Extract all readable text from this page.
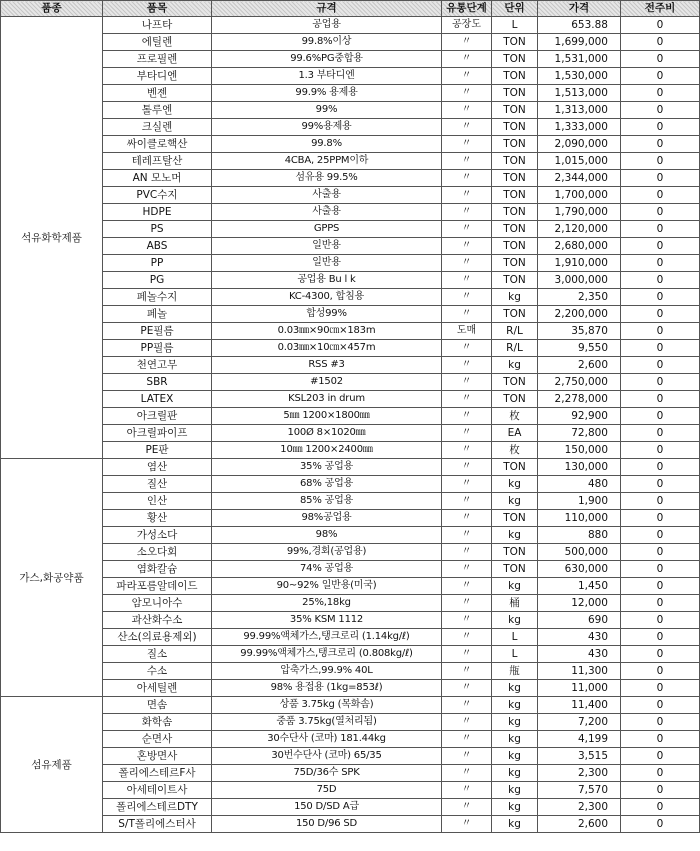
품종	품목	규격	유통단계	단위	가격	전주비
석유화학제품	나프타	공업용	공장도	L	653.88	0
	에틸렌	99.8%이상	〃	TON	1,699,000	0
	프로필렌	99.6%PG중합용	〃	TON	1,531,000	0
	부타디엔	1.3 부타디엔	〃	TON	1,530,000	0
	벤젠	99.9% 용제용	〃	TON	1,513,000	0
	톨루엔	99%	〃	TON	1,313,000	0
	크실렌	99%용제용	〃	TON	1,333,000	0
	싸이클로핵산	99.8%	〃	TON	2,090,000	0
	테레프탈산	4CBA, 25PPM이하	〃	TON	1,015,000	0
	AN 모노머	섬유용 99.5%	〃	TON	2,344,000	0
	PVC수지	사출용	〃	TON	1,700,000	0
	HDPE	사출용	〃	TON	1,790,000	0
	PS	GPPS	〃	TON	2,120,000	0
	ABS	일반용	〃	TON	2,680,000	0
	PP	일반용	〃	TON	1,910,000	0
	PG	공업용 Bu l k	〃	TON	3,000,000	0
	페놀수지	KC-4300, 합침용	〃	kg	2,350	0
	페놀	합성99%	〃	TON	2,200,000	0
	PE필름	0.03㎜×90㎝×183m	도매	R/L	35,870	0
	PP필름	0.03㎜×10㎝×457m	〃	R/L	9,550	0
	천연고무	RSS #3	〃	kg	2,600	0
	SBR	#1502	〃	TON	2,750,000	0
	LATEX	KSL203 in drum	〃	TON	2,278,000	0
	아크릴판	5㎜ 1200×1800㎜	〃	枚	92,900	0
	아크릴파이프	100Ø 8×1020㎜	〃	EA	72,800	0
	PE판	10㎜ 1200×2400㎜	〃	枚	150,000	0
가스,화공약품	염산	35% 공업용	〃	TON	130,000	0
	질산	68% 공업용	〃	kg	480	0
	인산	85% 공업용	〃	kg	1,900	0
	황산	98%공업용	〃	TON	110,000	0
	가성소다	98%	〃	kg	880	0
	소오다회	99%,경회(공업용)	〃	TON	500,000	0
	염화칼슘	74% 공업용	〃	TON	630,000	0
	파라포름알데이드	90~92% 일반용(미국)	〃	kg	1,450	0
	암모니아수	25%,18kg	〃	桶	12,000	0
	과산화수소	35% KSM 1112	〃	kg	690	0
	산소(의료용제외)	99.99%액체가스,탱크로리 (1.14kg/ℓ)	〃	L	430	0
	질소	99.99%액체가스,탱크로리 (0.808kg/ℓ)	〃	L	430	0
	수소	압축가스,99.9% 40L	〃	甁	11,300	0
	아세틸렌	98% 용접용 (1kg=853ℓ)	〃	kg	11,000	0
섬유제품	면솜	상품 3.75kg (목화솜)	〃	kg	11,400	0
	화학솜	중품 3.75kg(열처리됨)	〃	kg	7,200	0
	순면사	30수단사 (코마) 181.44kg	〃	kg	4,199	0
	혼방면사	30번수단사 (코마) 65/35	〃	kg	3,515	0
	폴리에스테르F사	75D/36수 SPK	〃	kg	2,300	0
	아세테이트사	75D	〃	kg	7,570	0
	폴리에스테르DTY	150 D/SD A급	〃	kg	2,300	0
	S/T폴리에스터사	150 D/96 SD	〃	kg	2,600	0
